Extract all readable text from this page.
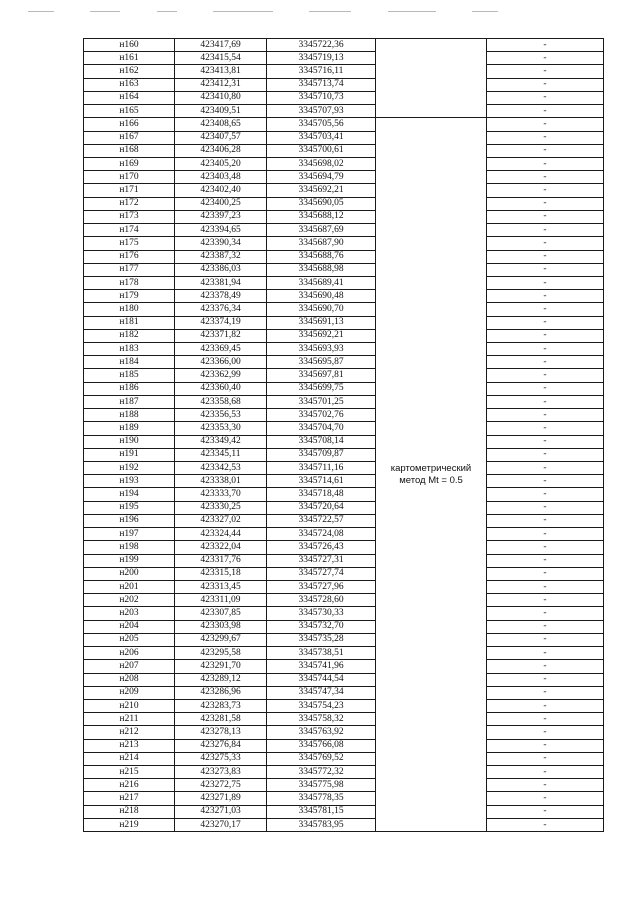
н160	423417,69	3345722,36		-
н161	423415,54	3345719,13		-
н162	423413,81	3345716,11		-
н163	423412,31	3345713,74		-
н164	423410,80	3345710,73		-
н165	423409,51	3345707,93		-
н166	423408,65	3345705,56	картометрический метод Mt = 0.5	-
н167	423407,57	3345703,41		-
н168	423406,28	3345700,61		-
н169	423405,20	3345698,02		-
н170	423403,48	3345694,79		-
н171	423402,40	3345692,21		-
н172	423400,25	3345690,05		-
н173	423397,23	3345688,12		-
н174	423394,65	3345687,69		-
н175	423390,34	3345687,90		-
н176	423387,32	3345688,76		-
н177	423386,03	3345688,98		-
н178	423381,94	3345689,41		-
н179	423378,49	3345690,48		-
н180	423376,34	3345690,70		-
н181	423374,19	3345691,13		-
н182	423371,82	3345692,21		-
н183	423369,45	3345693,93		-
н184	423366,00	3345695,87		-
н185	423362,99	3345697,81		-
н186	423360,40	3345699,75		-
н187	423358,68	3345701,25		-
н188	423356,53	3345702,76		-
н189	423353,30	3345704,70		-
н190	423349,42	3345708,14		-
н191	423345,11	3345709,87		-
н192	423342,53	3345711,16		-
н193	423338,01	3345714,61		-
н194	423333,70	3345718,48		-
н195	423330,25	3345720,64		-
н196	423327,02	3345722,57		-
н197	423324,44	3345724,08		-
н198	423322,04	3345726,43		-
н199	423317,76	3345727,31		-
н200	423315,18	3345727,74		-
н201	423313,45	3345727,96		-
н202	423311,09	3345728,60		-
н203	423307,85	3345730,33		-
н204	423303,98	3345732,70		-
н205	423299,67	3345735,28		-
н206	423295,58	3345738,51		-
н207	423291,70	3345741,96		-
н208	423289,12	3345744,54		-
н209	423286,96	3345747,34		-
н210	423283,73	3345754,23		-
н211	423281,58	3345758,32		-
н212	423278,13	3345763,92		-
н213	423276,84	3345766,08		-
н214	423275,33	3345769,52		-
н215	423273,83	3345772,32		-
н216	423272,75	3345775,98		-
н217	423271,89	3345778,35		-
н218	423271,03	3345781,15		-
н219	423270,17	3345783,95		-
